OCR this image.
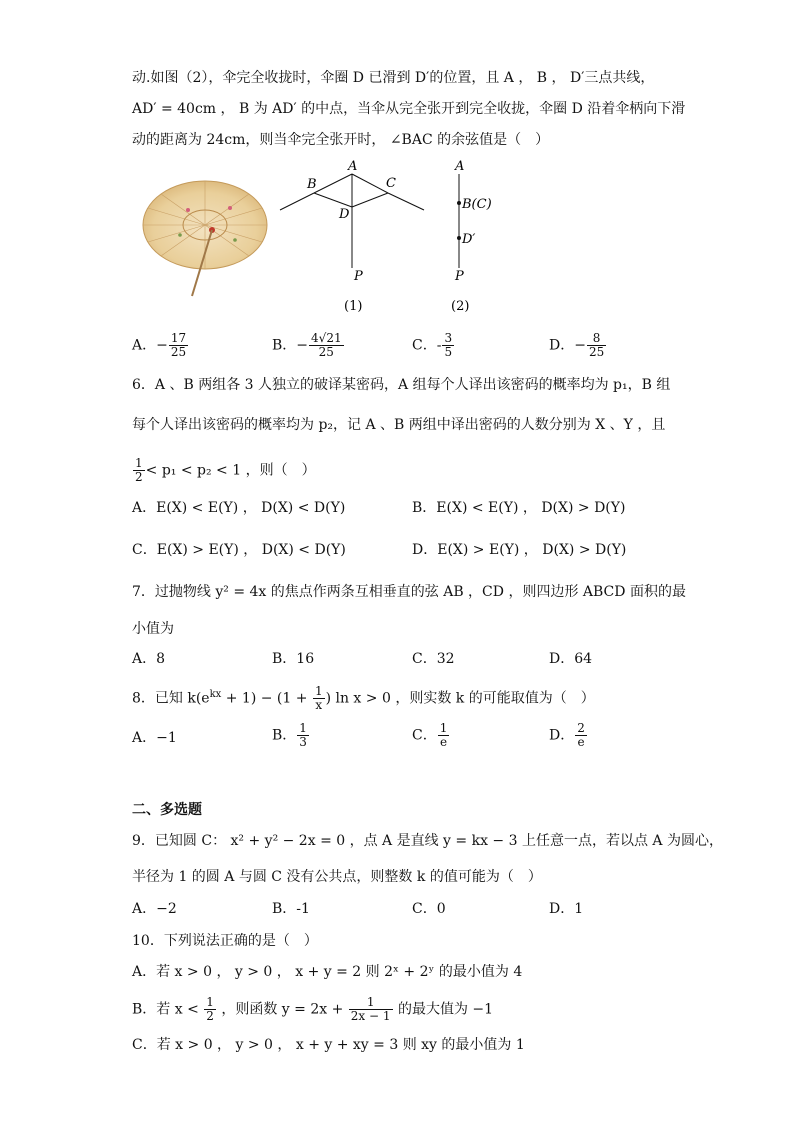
动.如图（2），伞完全收拢时，伞圈 D 已滑到 D′的位置，且 A ， B ， D′三点共线，
AD′ = 40cm ， B 为 AD′ 的中点，当伞从完全张开到完全收拢，伞圈 D 沿着伞柄向下滑
动的距离为 24cm，则当伞完全张开时， ∠BAC 的余弦值是（　）
A
B	C
D
P
(1)
A
B(C)
D′
P
(2)
A．− $\frac{17}{25}$	B．− $\frac{4√21}{25}$	C．- $\frac{3}{5}$	D．− $\frac{8}{25}$
6．A 、B 两组各 3 人独立的破译某密码，A 组每个人译出该密码的概率均为 p₁，B 组
每个人译出该密码的概率均为 p₂，记 A 、B 两组中译出密码的人数分别为 X 、Y ，且
$\frac{1}{2} < p_1 < p_2 < 1$ ，则（　）
A．E(X) < E(Y) ， D(X) < D(Y)	B．E(X) < E(Y) ， D(X) > D(Y)
C．E(X) > E(Y) ， D(X) < D(Y)	D．E(X) > E(Y) ， D(X) > D(Y)
7．过抛物线 y² = 4x 的焦点作两条互相垂直的弦 AB ，CD ，则四边形 ABCD 面积的最
小值为
A．8	B．16	C．32	D．64
8．已知 $k(e^{kx} + 1) - (1 + \frac{1}{x}$ ) ln x > 0 ，则实数 k 的可能取值为（　）
A．−1	B． $\frac{1}{3}$	C． $\frac{1}{e}$	D． $\frac{2}{e}$
二、多选题
9．已知圆 C： x² + y² − 2x = 0 ，点 A 是直线 y = kx − 3 上任意一点，若以点 A 为圆心，
半径为 1 的圆 A 与圆 C 没有公共点，则整数 k 的值可能为（　）
A．−2	B．-1	C．0	D．1
10．下列说法正确的是（　）
A．若 x > 0 ， y > 0 ， x + y = 2 则 2ˣ + 2ʸ 的最小值为 4
B．若 $x < \frac{1}{2}$ ，则函数 $y = 2x + \frac{1}{2x - 1}$ 的最大值为 −1
C．若 x > 0 ， y > 0 ， x + y + xy = 3 则 xy 的最小值为 1
